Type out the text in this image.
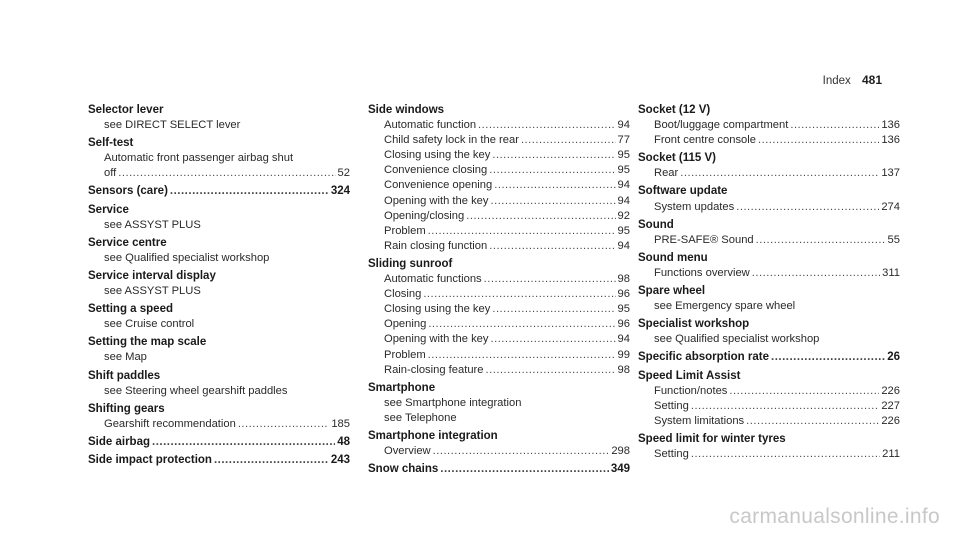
Index 481
Selector lever
see DIRECT SELECT lever
Self-test
Automatic front passenger airbag shut
off .....	52
Sensors (care) .....	324
Service
see ASSYST PLUS
Service centre
see Qualified specialist workshop
Service interval display
see ASSYST PLUS
Setting a speed
see Cruise control
Setting the map scale
see Map
Shift paddles
see Steering wheel gearshift paddles
Shifting gears
Gearshift recommendation .....	185
Side airbag .....	48
Side impact protection .....	243
Side windows
Automatic function .....	94
Child safety lock in the rear .....	77
Closing using the key .....	95
Convenience closing .....	95
Convenience opening .....	94
Opening with the key .....	94
Opening/closing .....	92
Problem .....	95
Rain closing function .....	94
Sliding sunroof
Automatic functions .....	98
Closing .....	96
Closing using the key .....	95
Opening .....	96
Opening with the key .....	94
Problem .....	99
Rain-closing feature .....	98
Smartphone
see Smartphone integration
see Telephone
Smartphone integration
Overview .....	298
Snow chains .....	349
Socket (12 V)
Boot/luggage compartment .....	136
Front centre console .....	136
Socket (115 V)
Rear .....	137
Software update
System updates .....	274
Sound
PRE-SAFE® Sound .....	55
Sound menu
Functions overview .....	311
Spare wheel
see Emergency spare wheel
Specialist workshop
see Qualified specialist workshop
Specific absorption rate .....	26
Speed Limit Assist
Function/notes .....	226
Setting .....	227
System limitations .....	226
Speed limit for winter tyres
Setting .....	211
carmanualsonline.info
